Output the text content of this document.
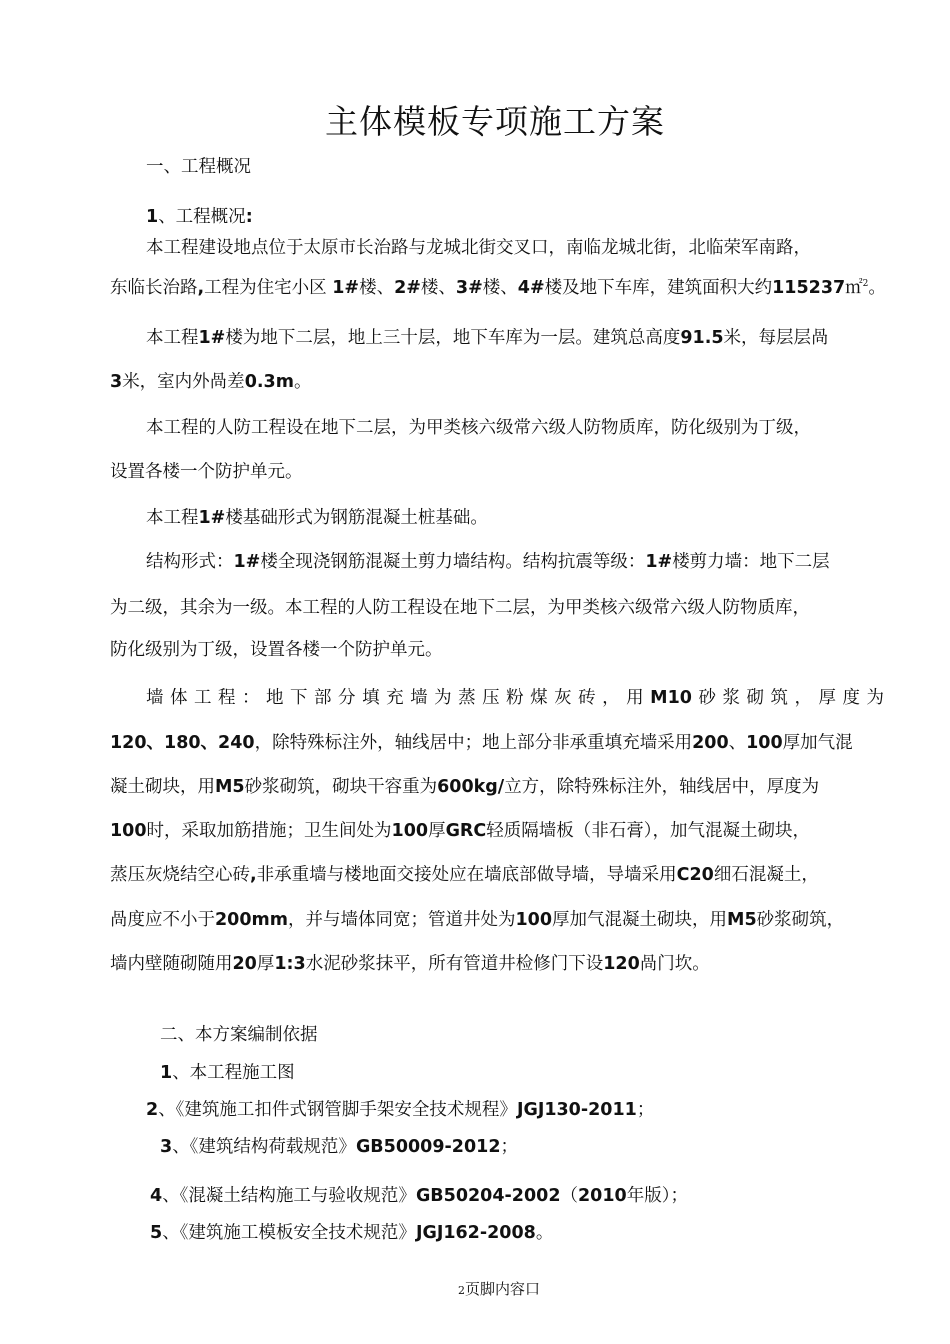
主体模板专项施工方案
一、工程概况
1、工程概况:
本工程建设地点位于太原市长治路与龙城北街交叉口，南临龙城北街，北临荣军南路，
东临长治路,工程为住宅小区 1#楼、2#楼、3#楼、4#楼及地下车库，建筑面积大约115237㎡$^2$。
本工程1#楼为地下二层，地上三十层，地下车库为一层。建筑总高度91.5米，每层层咼
3米，室内外咼差0.3m。
本工程的人防工程设在地下二层，为甲类核六级常六级人防物质库，防化级别为丁级，
设置各楼一个防护单元。
本工程1#楼基础形式为钢筋混凝土桩基础。
结构形式：1#楼全现浇钢筋混凝土剪力墙结构。结构抗震等级：1#楼剪力墙：地下二层
为二级，其余为一级。本工程的人防工程设在地下二层，为甲类核六级常六级人防物质库，
防化级别为丁级，设置各楼一个防护单元。
墙体工程：地下部分填充墙为蒸压粉煤灰砖，用M10砂浆砌筑，厚度为
120、180、240，除特殊标注外，轴线居中；地上部分非承重填充墙采用200、100厚加气混
凝土砌块，用M5砂浆砌筑，砌块干容重为600kg/立方，除特殊标注外，轴线居中，厚度为
100时，采取加筋措施；卫生间处为100厚GRC轻质隔墙板（非石膏），加气混凝土砌块，
蒸压灰烧结空心砖,非承重墙与楼地面交接处应在墙底部做导墙，导墙采用C20细石混凝土，
咼度应不小于200mm，并与墙体同宽；管道井处为100厚加气混凝土砌块，用M5砂浆砌筑，
墙内壁随砌随用20厚1:3水泥砂浆抹平，所有管道井检修门下设120咼门坎。
二、本方案编制依据
1、本工程施工图
2、《建筑施工扣件式钢管脚手架安全技术规程》JGJ130-2011；
3、《建筑结构荷载规范》GB50009-2012；
4、《混凝土结构施工与验收规范》GB50204-2002（2010年版）；
5、《建筑施工模板安全技术规范》JGJ162-2008。
2页脚内容口
